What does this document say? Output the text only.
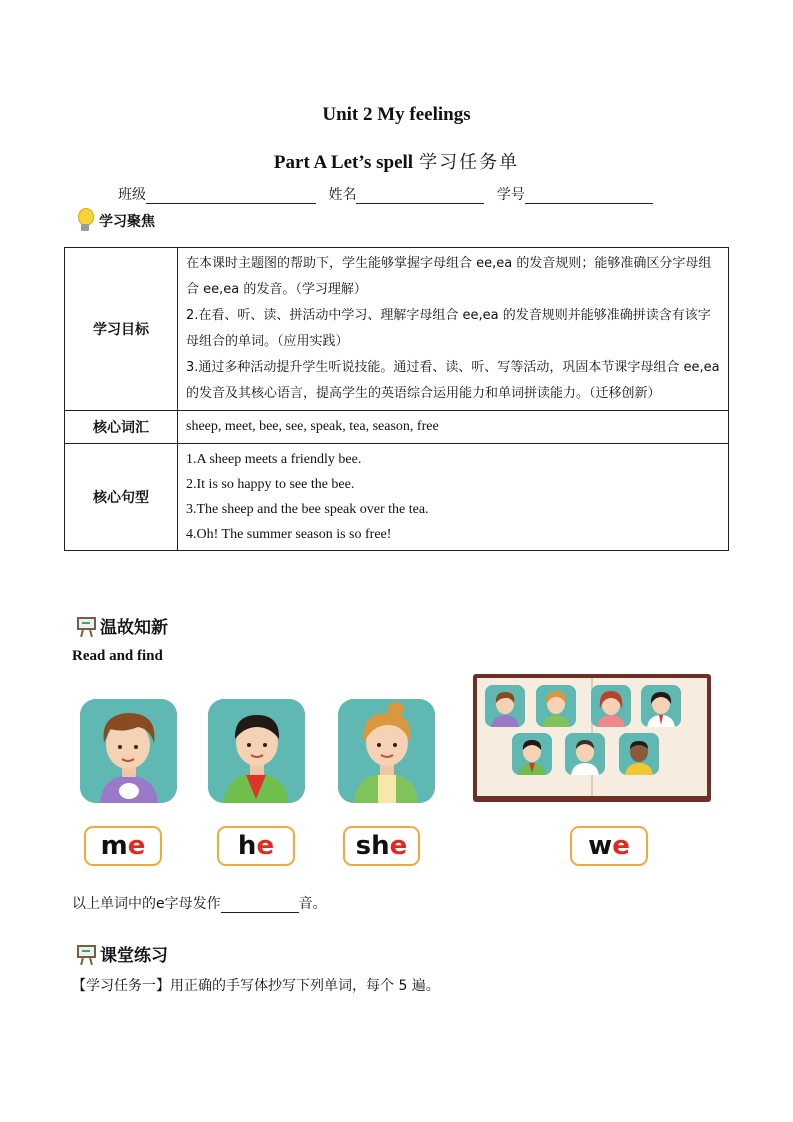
Unit 2 My feelings
Part A Let’s spell 学习任务单
班级	姓名	学号
学习聚焦
学习目标	在本课时主题图的帮助下，学生能够掌握字母组合 ee,ea 的发音规则；能够准确区分字母组合 ee,ea 的发音。（学习理解）
2.在看、听、读、拼活动中学习、理解字母组合 ee,ea 的发音规则并能够准确拼读含有该字母组合的单词。（应用实践）
3.通过多种活动提升学生听说技能。通过看、读、听、写等活动，巩固本节课字母组合 ee,ea 的发音及其核心语言，提高学生的英语综合运用能力和单词拼读能力。（迁移创新）

核心词汇	sheep, meet, bee, see, speak, tea, season, free
核心句型	1.A sheep meets a friendly bee.
2.It is so happy to see the bee.
3.The sheep and the bee speak over the tea.
4.Oh! The summer season is so free!
温故知新
Read and find
me	he	she	we
以上单词中的e字母发作	音。
课堂练习
【学习任务一】用正确的手写体抄写下列单词，每个 5 遍。
